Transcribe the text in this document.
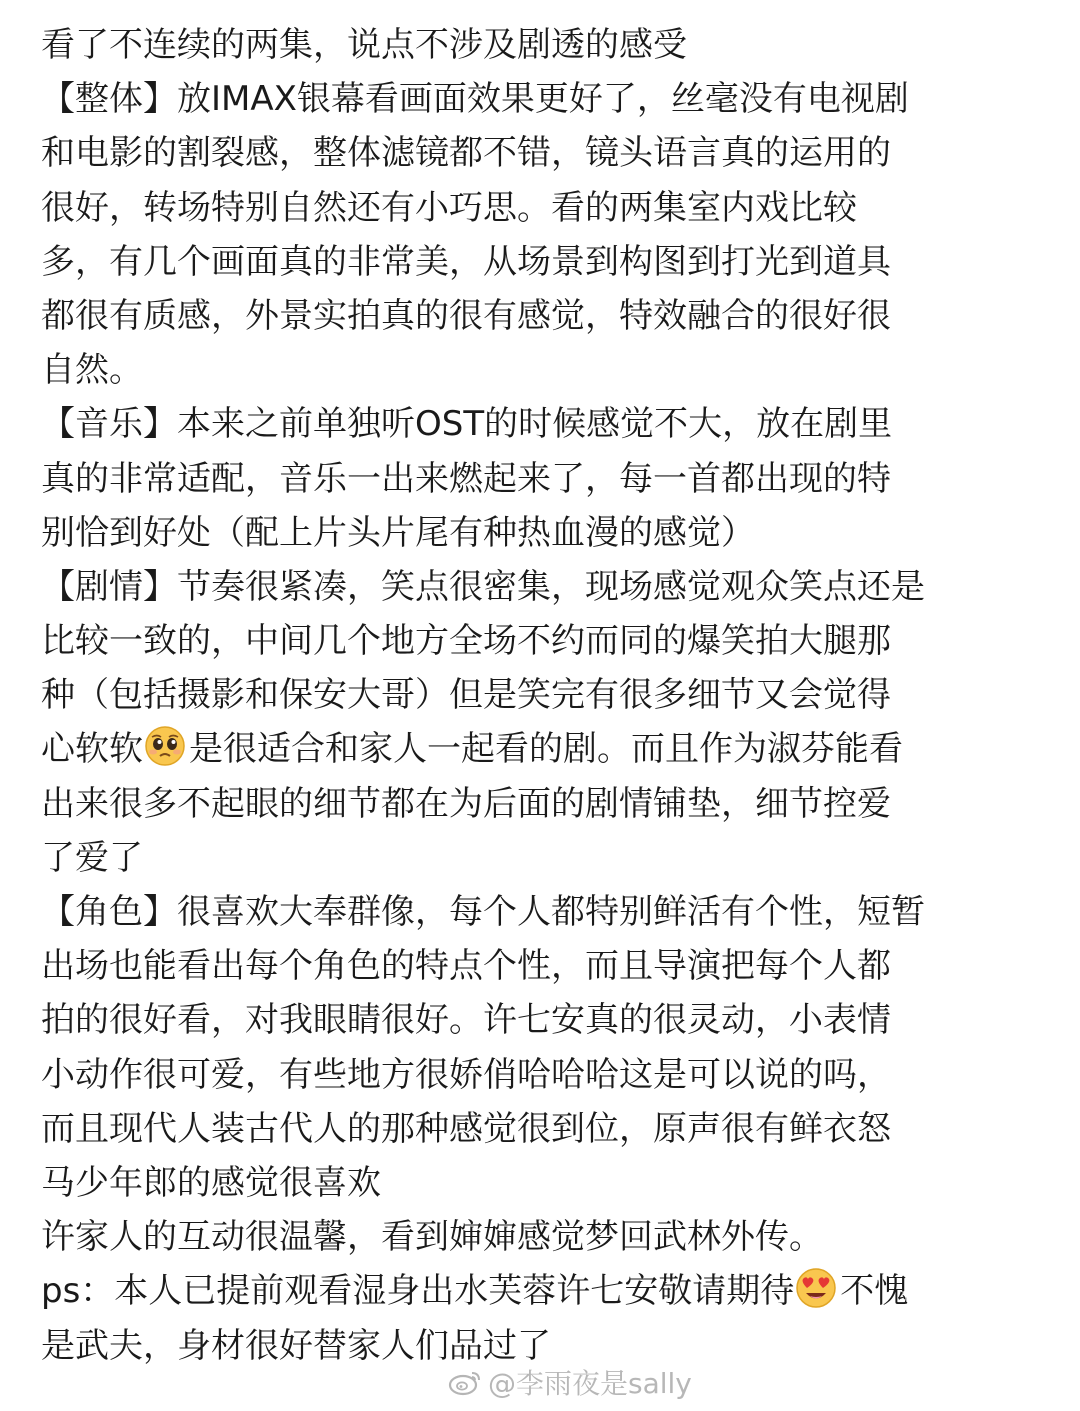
看了不连续的两集，说点不涉及剧透的感受
【整体】放IMAX银幕看画面效果更好了，丝毫没有电视剧
和电影的割裂感，整体滤镜都不错，镜头语言真的运用的
很好，转场特别自然还有小巧思。看的两集室内戏比较
多，有几个画面真的非常美，从场景到构图到打光到道具
都很有质感，外景实拍真的很有感觉，特效融合的很好很
自然。
【音乐】本来之前单独听OST的时候感觉不大，放在剧里
真的非常适配，音乐一出来燃起来了，每一首都出现的特
别恰到好处（配上片头片尾有种热血漫的感觉）
【剧情】节奏很紧凑，笑点很密集，现场感觉观众笑点还是
比较一致的，中间几个地方全场不约而同的爆笑拍大腿那
种（包括摄影和保安大哥）但是笑完有很多细节又会觉得
心软软 是很适合和家人一起看的剧。而且作为淑芬能看
出来很多不起眼的细节都在为后面的剧情铺垫，细节控爱
了爱了
【角色】很喜欢大奉群像，每个人都特别鲜活有个性，短暂
出场也能看出每个角色的特点个性，而且导演把每个人都
拍的很好看，对我眼睛很好。许七安真的很灵动，小表情
小动作很可爱，有些地方很娇俏哈哈哈这是可以说的吗，
而且现代人装古代人的那种感觉很到位，原声很有鲜衣怒
马少年郎的感觉很喜欢
许家人的互动很温馨，看到婶婶感觉梦回武林外传。
ps：本人已提前观看湿身出水芙蓉许七安敬请期待 不愧
是武夫，身材很好替家人们品过了
@李雨夜是sally
